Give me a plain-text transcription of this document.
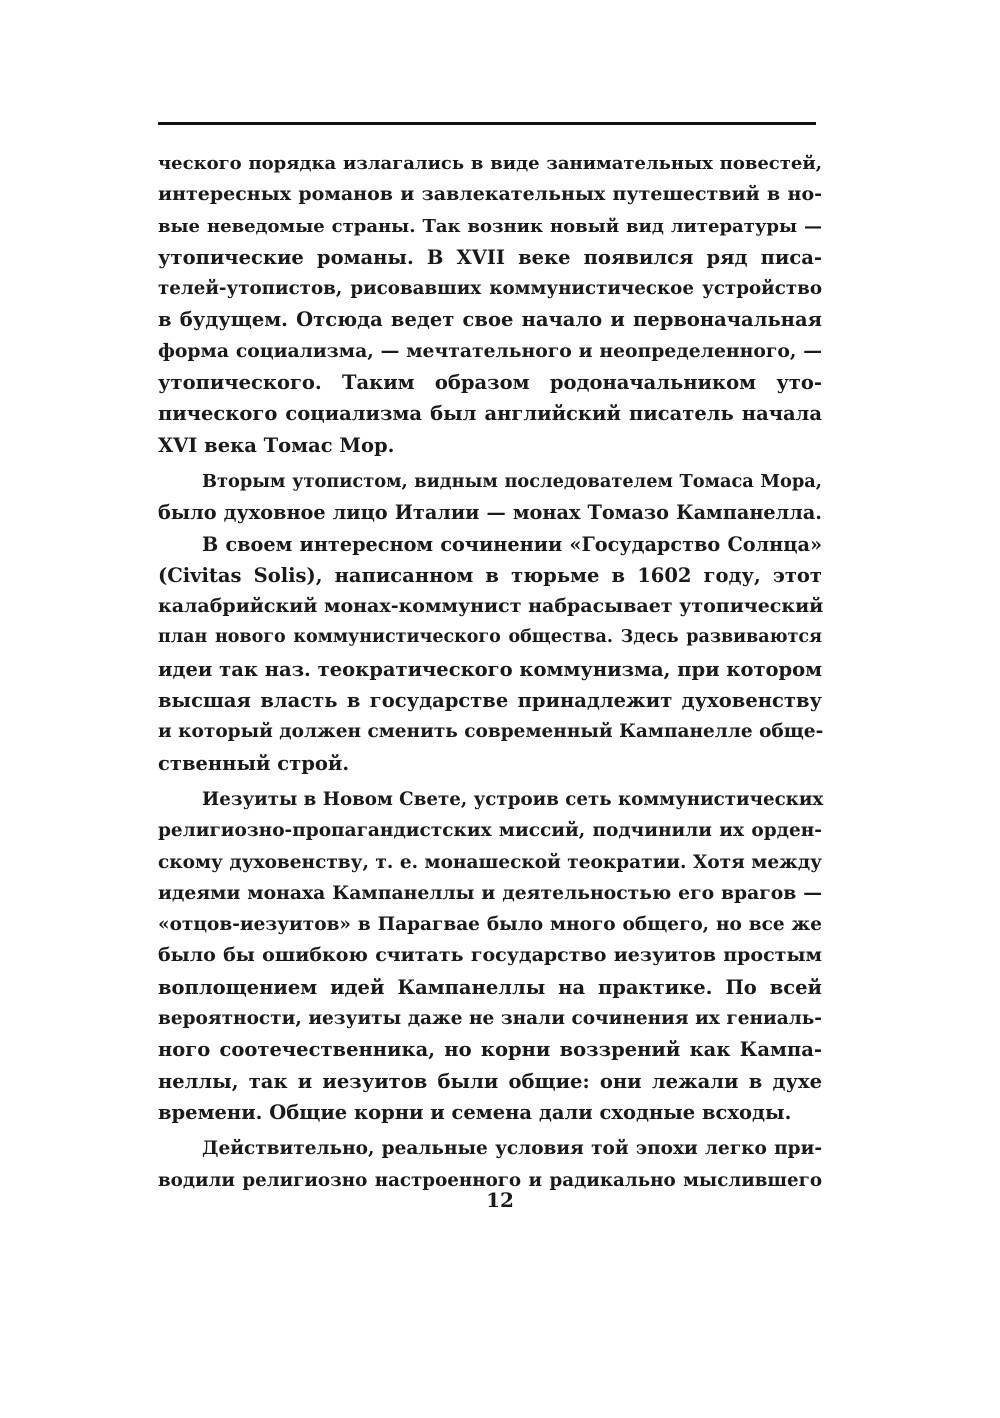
ческого порядка излагались в виде занимательных повестей,
интересных романов и завлекательных путешествий в но-
вые неведомые страны. Так возник новый вид литературы —
утопические романы. В XVII веке появился ряд писа-
телей-утопистов, рисовавших коммунистическое устройство
в будущем. Отсюда ведет свое начало и первоначальная
форма социализма, — мечтательного и неопределенного, —
утопического. Таким образом родоначальником уто-
пического социализма был английский писатель начала
XVI века Томас Мор.
Вторым утопистом, видным последователем Томаса Мора,
было духовное лицо Италии — монах Томазо Кампанелла.
В своем интересном сочинении «Государство Солнца»
(Civitas Solis), написанном в тюрьме в 1602 году, этот
калабрийский монах-коммунист набрасывает утопический
план нового коммунистического общества. Здесь развиваются
идеи так наз. теократического коммунизма, при котором
высшая власть в государстве принадлежит духовенству
и который должен сменить современный Кампанелле обще-
ственный строй.
Иезуиты в Новом Свете, устроив сеть коммунистических
религиозно-пропагандистских миссий, подчинили их орден-
скому духовенству, т. е. монашеской теократии. Хотя между
идеями монаха Кампанеллы и деятельностью его врагов —
«отцов-иезуитов» в Парагвае было много общего, но все же
было бы ошибкою считать государство иезуитов простым
воплощением идей Кампанеллы на практике. По всей
вероятности, иезуиты даже не знали сочинения их гениаль-
ного соотечественника, но корни воззрений как Кампа-
неллы, так и иезуитов были общие: они лежали в духе
времени. Общие корни и семена дали сходные всходы.
Действительно, реальные условия той эпохи легко при-
водили религиозно настроенного и радикально мыслившего
12
